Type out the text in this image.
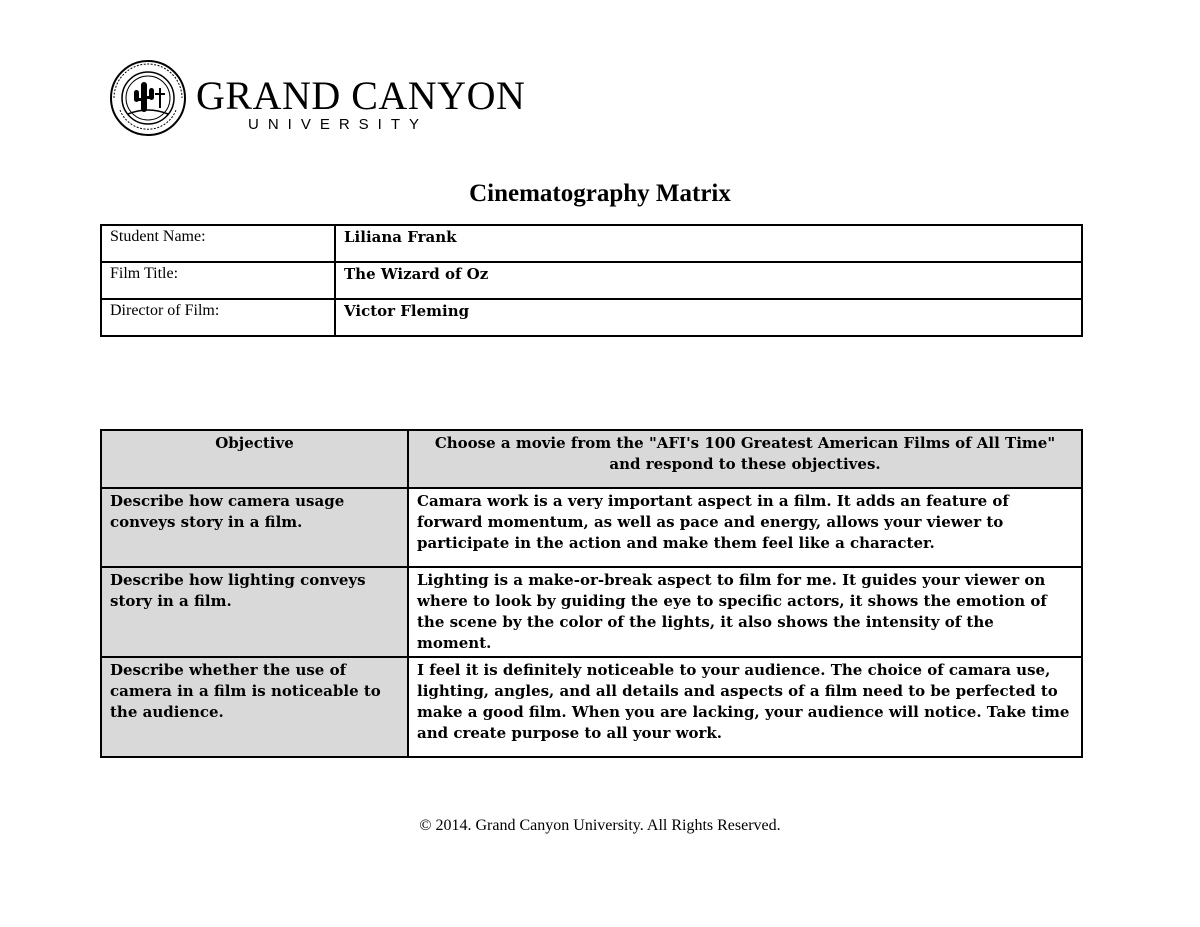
GRAND CANYON
UNIVERSITY
Cinematography Matrix
Student Name:	Liliana Frank
Film Title:	The Wizard of Oz
Director of Film:	Victor Fleming
Objective	Choose a movie from the "AFI's 100 Greatest American Films of All Time" and respond to these objectives.
Describe how camera usage conveys story in a film.	Camara work is a very important aspect in a film. It adds an feature of forward momentum, as well as pace and energy, allows your viewer to participate in the action and make them feel like a character.
Describe how lighting conveys story in a film.	Lighting is a make-or-break aspect to film for me. It guides your viewer on where to look by guiding the eye to specific actors, it shows the emotion of the scene by the color of the lights, it also shows the intensity of the moment.
Describe whether the use of camera in a film is noticeable to the audience.	I feel it is definitely noticeable to your audience. The choice of camara use, lighting, angles, and all details and aspects of a film need to be perfected to make a good film. When you are lacking, your audience will notice. Take time and create purpose to all your work.
© 2014. Grand Canyon University. All Rights Reserved.
